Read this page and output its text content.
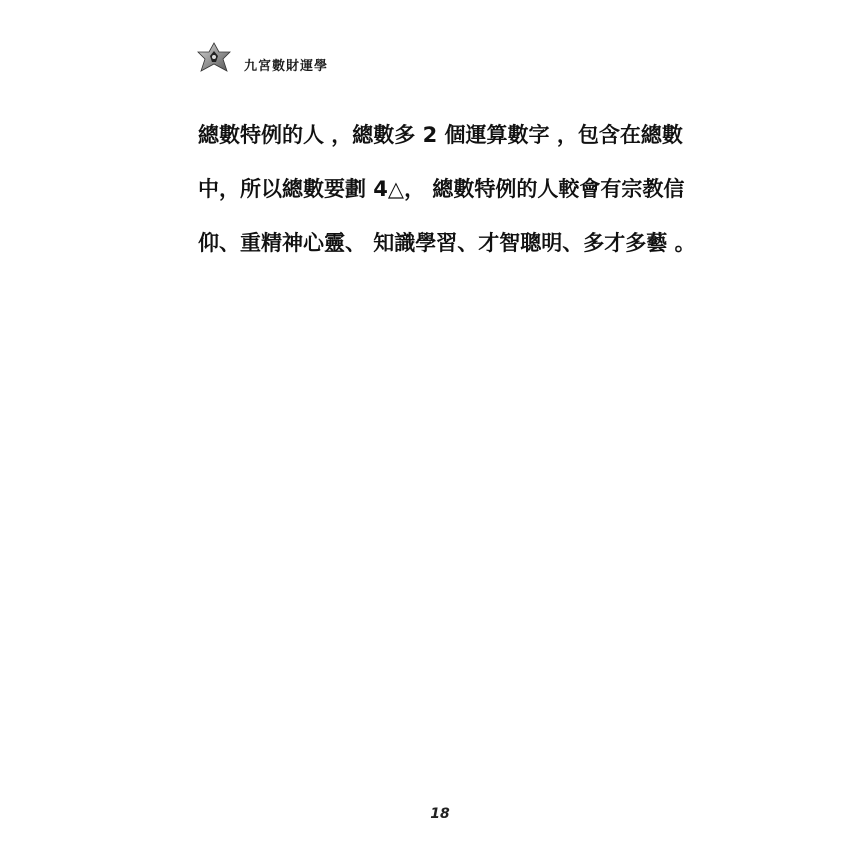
九宮數財運學
總數特例的人 ，總數多 2 個運算數字 ，包含在總數
中，所以總數要劃 4△， 總數特例的人較會有宗教信
仰、重精神心靈、 知識學習、才智聰明、多才多藝 。
18
